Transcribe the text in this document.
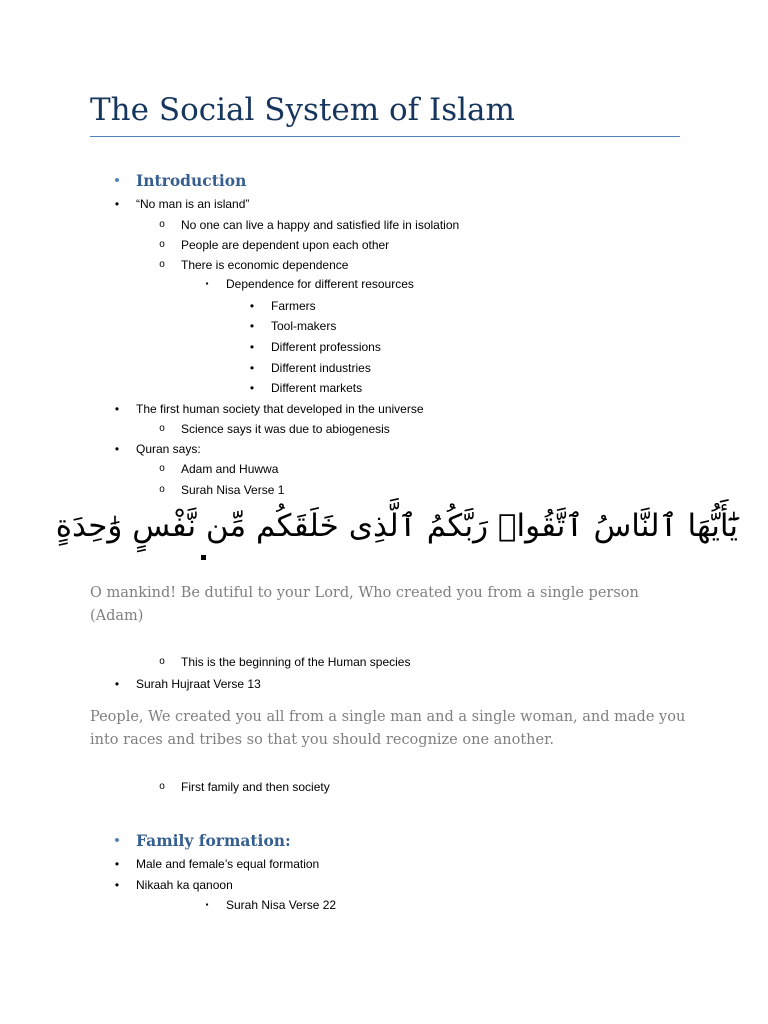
The Social System of Islam
• Introduction
•	“No man is an island”
o	No one can live a happy and satisfied life in isolation
o	People are dependent upon each other
o	There is economic dependence
▪	Dependence for different resources
•	Farmers
•	Tool-makers
•	Different professions
•	Different industries
•	Different markets
•	The first human society that developed in the universe
o	Science says it was due to abiogenesis
•	Quran says:
o	Adam and Huwwa
o	Surah Nisa Verse 1
يَٰٓأَيُّهَا ٱلنَّاسُ ٱتَّقُوا۟ رَبَّكُمُ ٱلَّذِى خَلَقَكُم مِّن نَّفْسٍ وَٰحِدَةٍ
O mankind! Be dutiful to your Lord, Who created you from a single person (Adam)
o	This is the beginning of the Human species
•	Surah Hujraat Verse 13
People, We created you all from a single man and a single woman, and made you into races and tribes so that you should recognize one another.
o	First family and then society
• Family formation:
•	Male and female’s equal formation
•	Nikaah ka qanoon
▪	Surah Nisa Verse 22
